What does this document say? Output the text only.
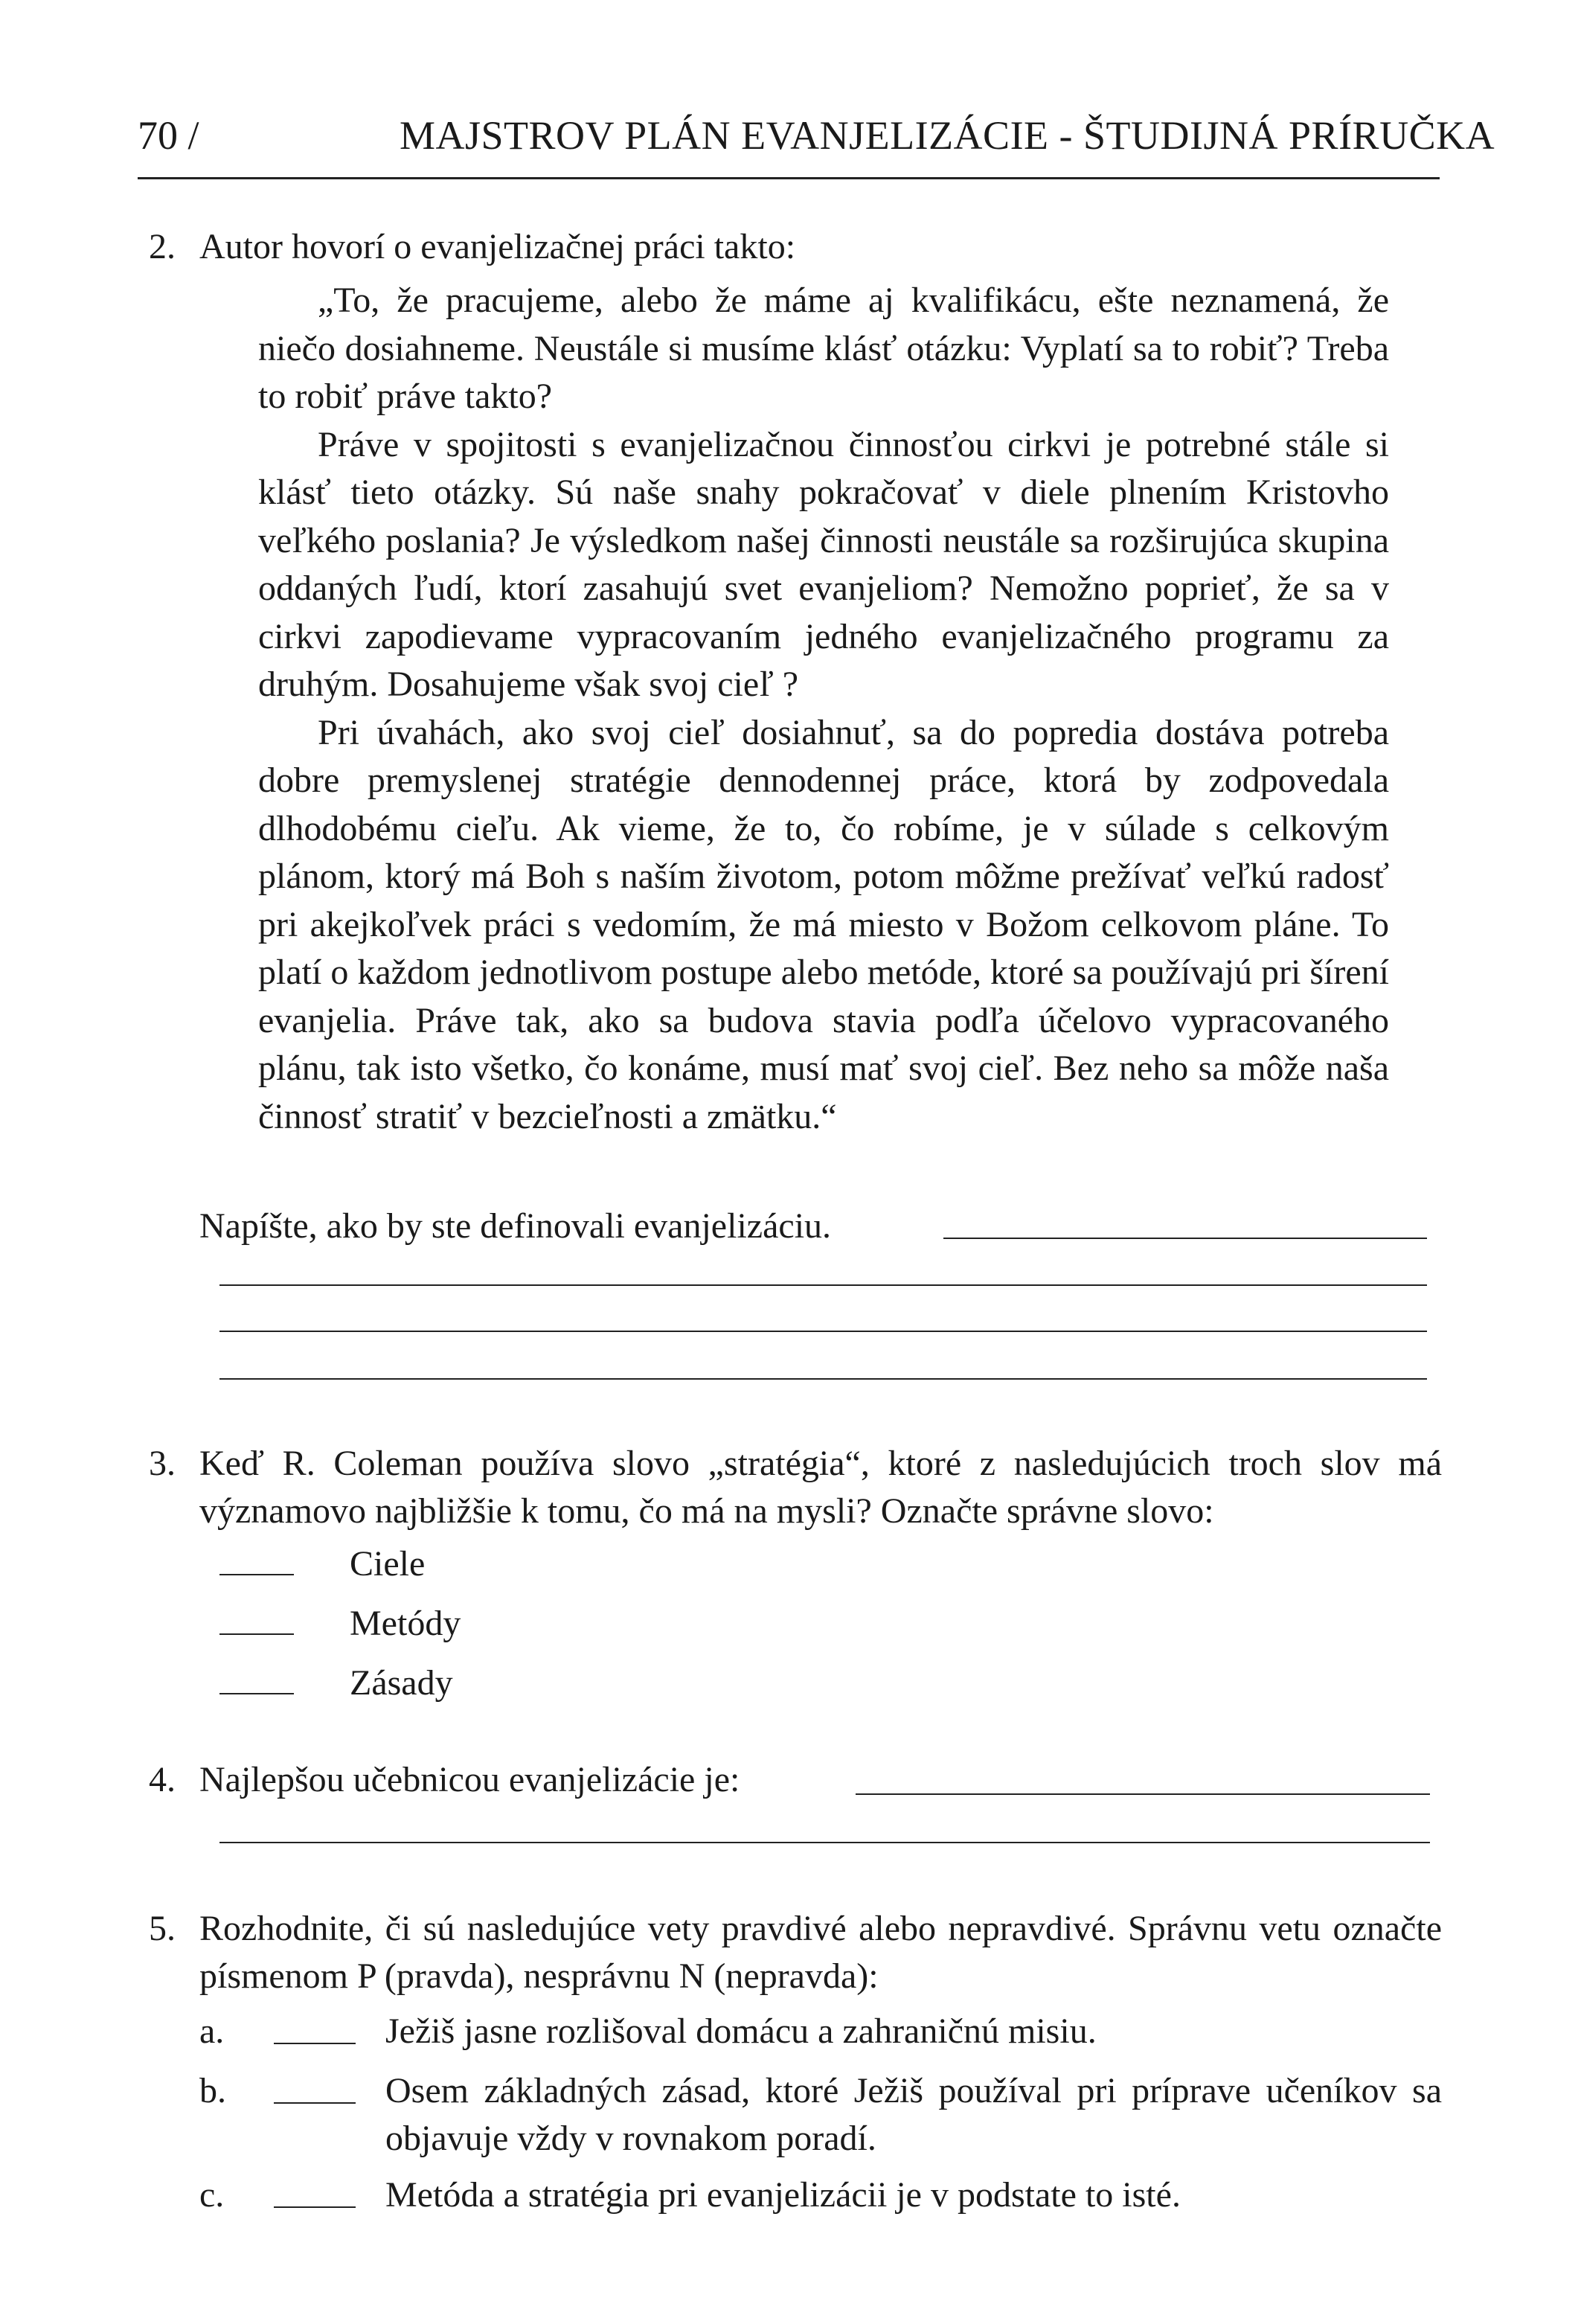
70 /	MAJSTROV PLÁN EVANJELIZÁCIE - ŠTUDIJNÁ PRÍRUČKA
2. Autor hovorí o evanjelizačnej práci takto:

„To, že pracujeme, alebo že máme aj kvalifikácu, ešte neznamená, že niečo dosiahneme. Neustále si musíme klásť otázku: Vyplatí sa to robiť? Treba to robiť práve takto?

Práve v spojitosti s evanjelizačnou činnosťou cirkvi je potrebné stále si klásť tieto otázky. Sú naše snahy pokračovať v diele plnením Kristovho veľkého poslania? Je výsledkom našej činnosti neustále sa rozširujúca skupina oddaných ľudí, ktorí zasahujú svet evanjeliom? Nemožno poprieť, že sa v cirkvi zapodievame vypracovaním jedného evanjelizačného programu za druhým. Dosahujeme však svoj cieľ ?

Pri úvahách, ako svoj cieľ dosiahnuť, sa do popredia dostáva potreba dobre premyslenej stratégie dennodennej práce, ktorá by zodpovedala dlhodobému cieľu. Ak vieme, že to, čo robíme, je v súlade s celkovým plánom, ktorý má Boh s naším životom, potom môžme prežívať veľkú radosť pri akejkoľvek práci s vedomím, že má miesto v Božom celkovom pláne. To platí o každom jednotlivom postupe alebo metóde, ktoré sa používajú pri šírení evanjelia. Práve tak, ako sa budova stavia podľa účelovo vypracovaného plánu, tak isto všetko, čo konáme, musí mať svoj cieľ. Bez neho sa môže naša činnosť stratiť v bezcieľnosti a zmätku.“

Napíšte, ako by ste definovali evanjelizáciu.
3. Keď R. Coleman používa slovo „stratégia“, ktoré z nasledujúcich troch slov má významovo najbližšie k tomu, čo má na mysli? Označte správne slovo:
Ciele
Metódy
Zásady
4. Najlepšou učebnicou evanjelizácie je:
5. Rozhodnite, či sú nasledujúce vety pravdivé alebo nepravdivé. Správnu vetu označte písmenom P (pravda), nesprávnu N (nepravda):
a.	Ježiš jasne rozlišoval domácu a zahraničnú misiu.
b.	Osem základných zásad, ktoré Ježiš používal pri príprave učeníkov sa objavuje vždy v rovnakom poradí.
c.	Metóda a stratégia pri evanjelizácii je v podstate to isté.
